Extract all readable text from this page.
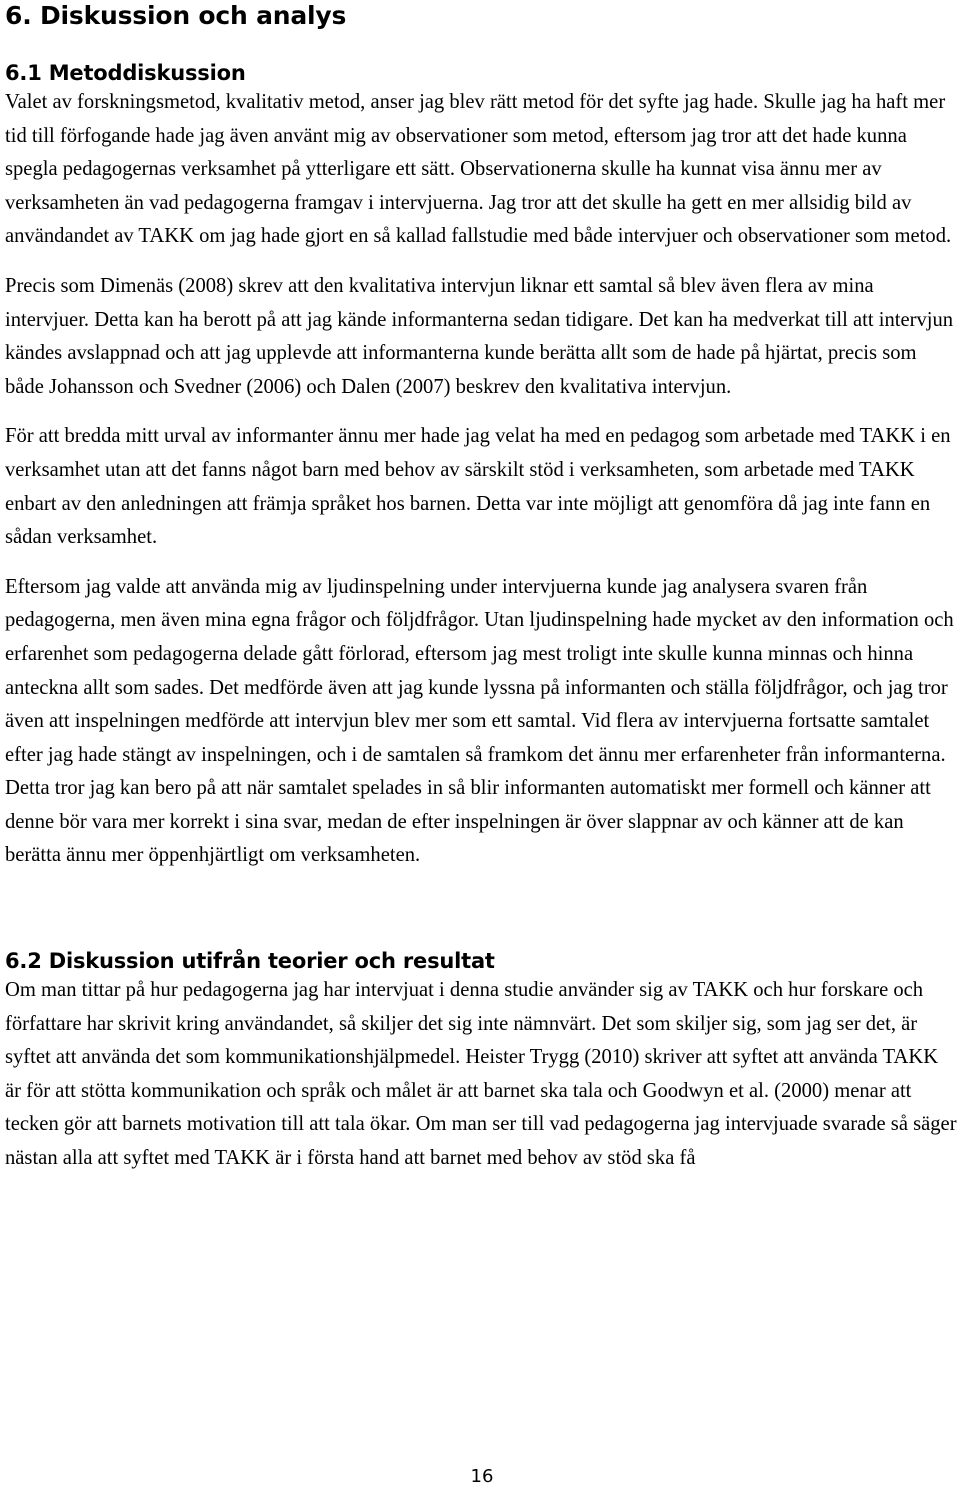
6. Diskussion och analys
6.1 Metoddiskussion

Valet av forskningsmetod, kvalitativ metod, anser jag blev rätt metod för det syfte jag hade. Skulle jag ha haft mer tid till förfogande hade jag även använt mig av observationer som metod, eftersom jag tror att det hade kunna spegla pedagogernas verksamhet på ytterligare ett sätt. Observationerna skulle ha kunnat visa ännu mer av verksamheten än vad pedagogerna framgav i intervjuerna. Jag tror att det skulle ha gett en mer allsidig bild av användandet av TAKK om jag hade gjort en så kallad fallstudie med både intervjuer och observationer som metod.

Precis som Dimenäs (2008) skrev att den kvalitativa intervjun liknar ett samtal så blev även flera av mina intervjuer. Detta kan ha berott på att jag kände informanterna sedan tidigare. Det kan ha medverkat till att intervjun kändes avslappnad och att jag upplevde att informanterna kunde berätta allt som de hade på hjärtat, precis som både Johansson och Svedner (2006) och Dalen (2007) beskrev den kvalitativa intervjun.

För att bredda mitt urval av informanter ännu mer hade jag velat ha med en pedagog som arbetade med TAKK i en verksamhet utan att det fanns något barn med behov av särskilt stöd i verksamheten, som arbetade med TAKK enbart av den anledningen att främja språket hos barnen. Detta var inte möjligt att genomföra då jag inte fann en sådan verksamhet.

Eftersom jag valde att använda mig av ljudinspelning under intervjuerna kunde jag analysera svaren från pedagogerna, men även mina egna frågor och följdfrågor. Utan ljudinspelning hade mycket av den information och erfarenhet som pedagogerna delade gått förlorad, eftersom jag mest troligt inte skulle kunna minnas och hinna anteckna allt som sades. Det medförde även att jag kunde lyssna på informanten och ställa följdfrågor, och jag tror även att inspelningen medförde att intervjun blev mer som ett samtal. Vid flera av intervjuerna fortsatte samtalet efter jag hade stängt av inspelningen, och i de samtalen så framkom det ännu mer erfarenheter från informanterna. Detta tror jag kan bero på att när samtalet spelades in så blir informanten automatiskt mer formell och känner att denne bör vara mer korrekt i sina svar, medan de efter inspelningen är över slappnar av och känner att de kan berätta ännu mer öppenhjärtligt om verksamheten.

6.2 Diskussion utifrån teorier och resultat

Om man tittar på hur pedagogerna jag har intervjuat i denna studie använder sig av TAKK och hur forskare och författare har skrivit kring användandet, så skiljer det sig inte nämnvärt. Det som skiljer sig, som jag ser det, är syftet att använda det som kommunikationshjälpmedel. Heister Trygg (2010) skriver att syftet att använda TAKK är för att stötta kommunikation och språk och målet är att barnet ska tala och Goodwyn et al. (2000) menar att tecken gör att barnets motivation till att tala ökar. Om man ser till vad pedagogerna jag intervjuade svarade så säger nästan alla att syftet med TAKK är i första hand att barnet med behov av stöd ska få

16
